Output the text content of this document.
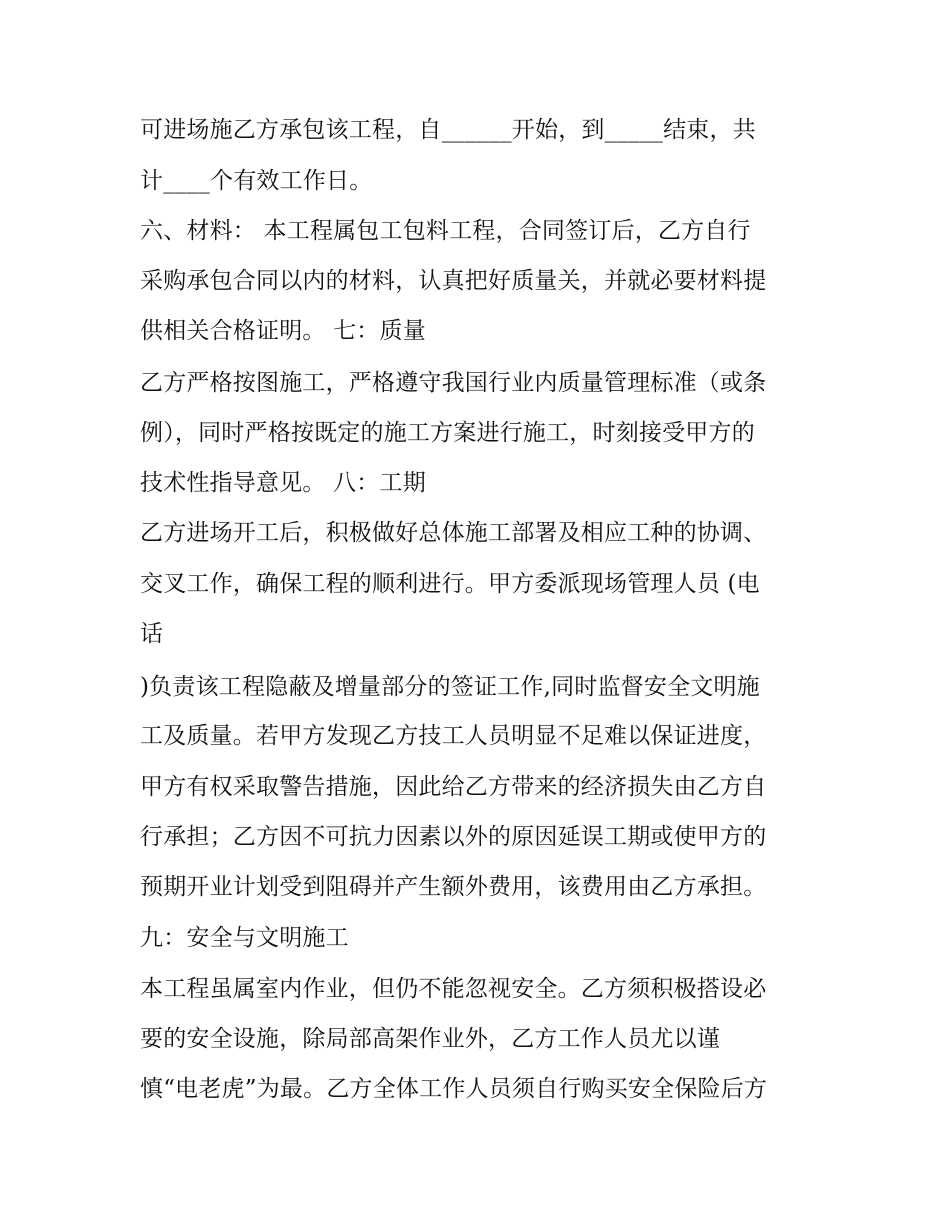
可进场施乙方承包该工程，自______开始，到_____结束，共
计____个有效工作日。
六、材料： 本工程属包工包料工程，合同签订后，乙方自行
采购承包合同以内的材料，认真把好质量关，并就必要材料提
供相关合格证明。 七：质量
乙方严格按图施工，严格遵守我国行业内质量管理标准（或条
例），同时严格按既定的施工方案进行施工，时刻接受甲方的
技术性指导意见。 八：工期
乙方进场开工后，积极做好总体施工部署及相应工种的协调、
交叉工作，确保工程的顺利进行。甲方委派现场管理人员 (电
话
)负责该工程隐蔽及增量部分的签证工作,同时监督安全文明施
工及质量。若甲方发现乙方技工人员明显不足难以保证进度，
甲方有权采取警告措施，因此给乙方带来的经济损失由乙方自
行承担；乙方因不可抗力因素以外的原因延误工期或使甲方的
预期开业计划受到阻碍并产生额外费用，该费用由乙方承担。
九：安全与文明施工
本工程虽属室内作业，但仍不能忽视安全。乙方须积极搭设必
要的安全设施，除局部高架作业外，乙方工作人员尤以谨
慎“电老虎”为最。乙方全体工作人员须自行购买安全保险后方
